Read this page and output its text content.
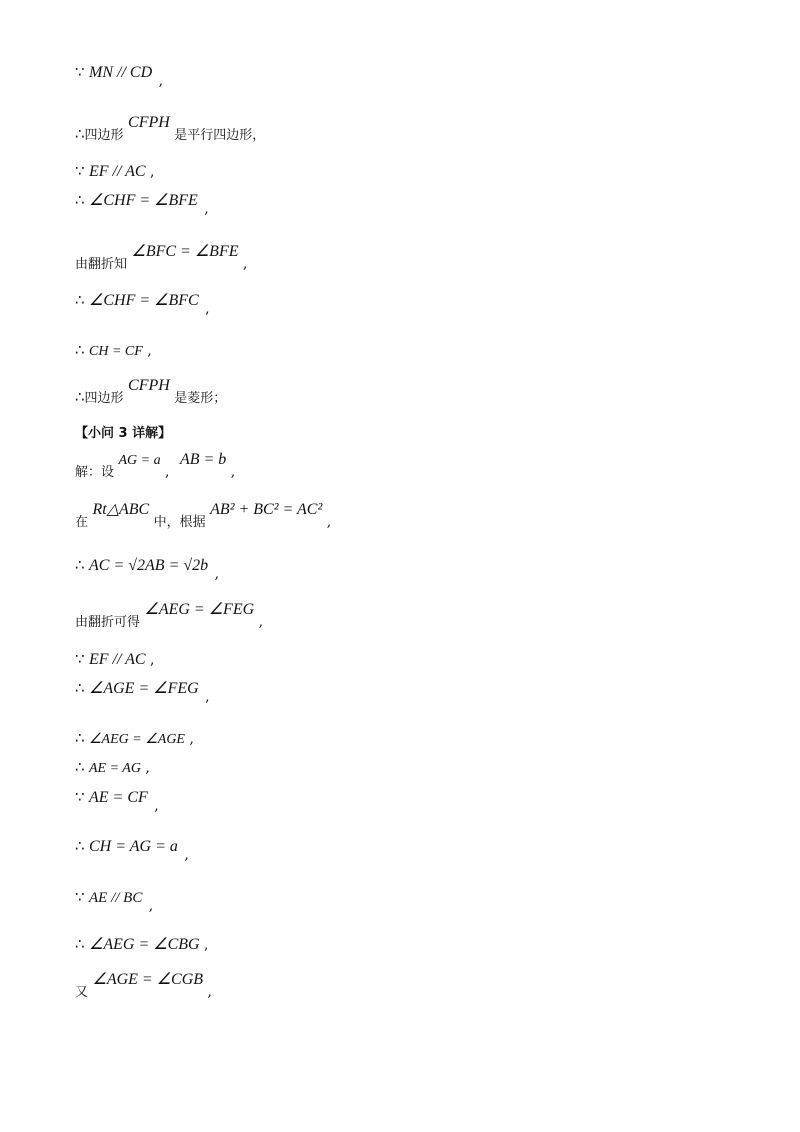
∵ MN // CD ,
∴四边形 CFPH 是平行四边形，
∵ EF // AC ,
∴ ∠CHF = ∠BFE ,
由翻折知 ∠BFC = ∠BFE ,
∴ ∠CHF = ∠BFC ,
∴ CH = CF ,
∴四边形 CFPH 是菱形；
【小问 3 详解】
解：设 AG = a , AB = b ,
在 Rt△ABC 中，根据 AB² + BC² = AC² ,
∴ AC = √2AB = √2b ,
由翻折可得 ∠AEG = ∠FEG ,
∵ EF // AC ,
∴ ∠AGE = ∠FEG ,
∴ ∠AEG = ∠AGE ,
∴ AE = AG ,
∵ AE = CF ,
∴ CH = AG = a ,
∵ AE // BC ,
∴ ∠AEG = ∠CBG ,
又 ∠AGE = ∠CGB ,
